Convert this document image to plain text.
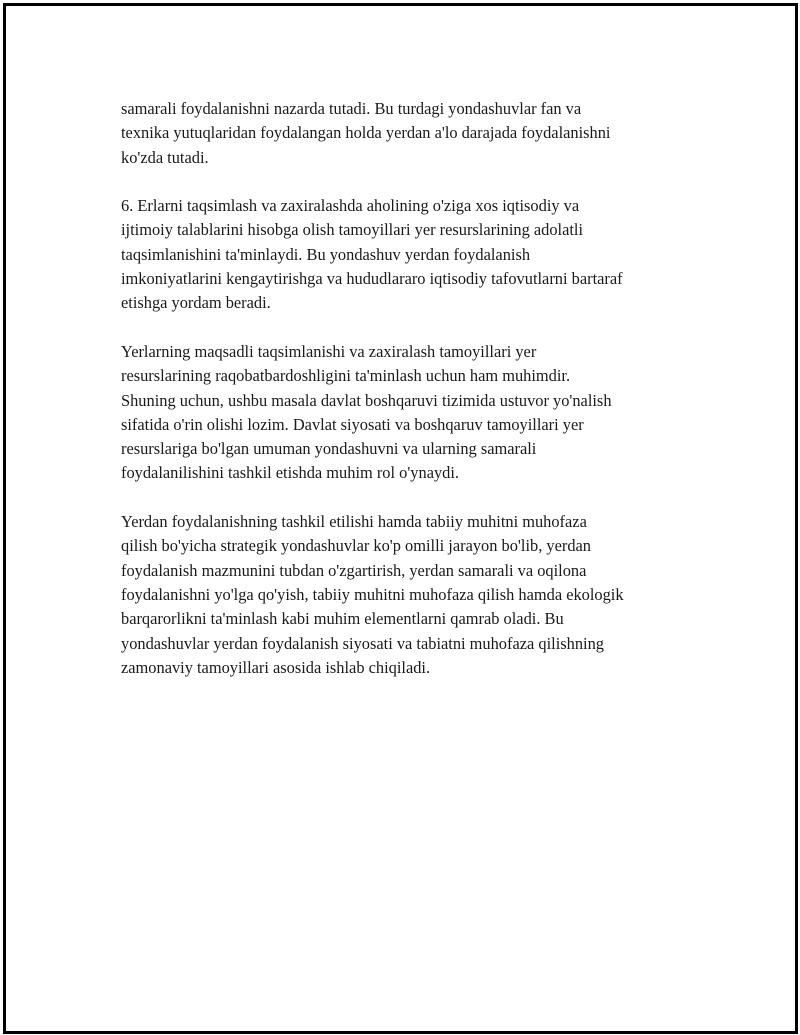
samarali foydalanishni nazarda tutadi. Bu turdagi yondashuvlar fan va
texnika yutuqlaridan foydalangan holda yerdan a'lo darajada foydalanishni
ko'zda tutadi.

6. Erlarni taqsimlash va zaxiralashda aholining o'ziga xos iqtisodiy va
ijtimoiy talablarini hisobga olish tamoyillari yer resurslarining adolatli
taqsimlanishini ta'minlaydi. Bu yondashuv yerdan foydalanish
imkoniyatlarini kengaytirishga va hududlararo iqtisodiy tafovutlarni bartaraf
etishga yordam beradi.

Yerlarning maqsadli taqsimlanishi va zaxiralash tamoyillari yer
resurslarining raqobatbardoshligini ta'minlash uchun ham muhimdir.
Shuning uchun, ushbu masala davlat boshqaruvi tizimida ustuvor yo'nalish
sifatida o'rin olishi lozim. Davlat siyosati va boshqaruv tamoyillari yer
resurslariga bo'lgan umuman yondashuvni va ularning samarali
foydalanilishini tashkil etishda muhim rol o'ynaydi.

Yerdan foydalanishning tashkil etilishi hamda tabiiy muhitni muhofaza
qilish bo'yicha strategik yondashuvlar ko'p omilli jarayon bo'lib, yerdan
foydalanish mazmunini tubdan o'zgartirish, yerdan samarali va oqilona
foydalanishni yo'lga qo'yish, tabiiy muhitni muhofaza qilish hamda ekologik
barqarorlikni ta'minlash kabi muhim elementlarni qamrab oladi. Bu
yondashuvlar yerdan foydalanish siyosati va tabiatni muhofaza qilishning
zamonaviy tamoyillari asosida ishlab chiqiladi.
